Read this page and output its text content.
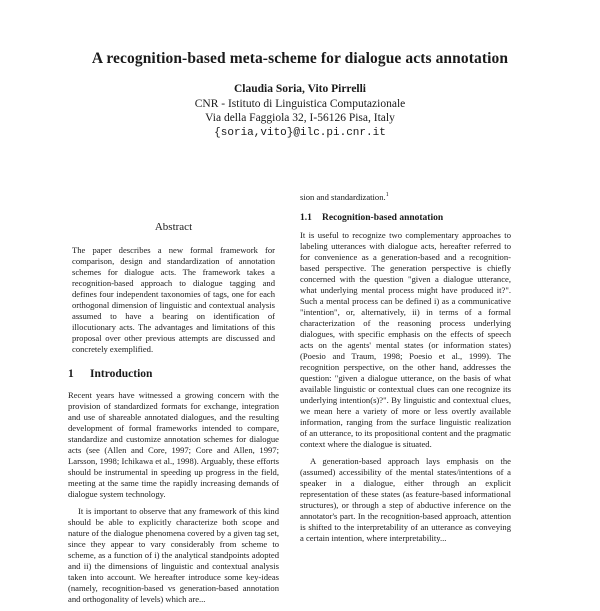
A recognition-based meta-scheme for dialogue acts annotation
Claudia Soria, Vito Pirrelli
CNR - Istituto di Linguistica Computazionale
Via della Faggiola 32, I-56126 Pisa, Italy
{soria,vito}@ilc.pi.cnr.it
Abstract

The paper describes a new formal framework for comparison, design and standardization of annotation schemes for dialogue acts. The framework takes a recognition-based approach to dialogue tagging and defines four independent taxonomies of tags, one for each orthogonal dimension of linguistic and contextual analysis assumed to have a bearing on identification of illocutionary acts. The advantages and limitations of this proposal over other previous attempts are discussed and concretely exemplified.

1 Introduction

Recent years have witnessed a growing concern with the provision of standardized formats for exchange, integration and use of shareable annotated dialogues, and the resulting development of formal frameworks intended to compare, standardize and customize annotation schemes for dialogue acts (see (Allen and Core, 1997; Core and Allen, 1997; Larsson, 1998; Ichikawa et al., 1998). Arguably, these efforts should be instrumental in speeding up progress in the field, meeting at the same time the rapidly increasing demands of dialogue system technology.

It is important to observe that any framework of this kind should be able to explicitly characterize both scope and nature of the dialogue phenomena covered by a given tag set, since they appear to vary considerably from scheme to scheme, as a function of i) the analytical standpoints adopted and ii) the dimensions of linguistic and contextual analysis taken into account. We hereafter introduce some key-ideas (namely, recognition-based vs generation-based annotation and orthogonality of levels) which are...

sion and standardization.$^1$
1.1 Recognition-based annotation

It is useful to recognize two complementary approaches to labeling utterances with dialogue acts, hereafter referred to for convenience as a generation-based and a recognition-based perspective. The generation perspective is chiefly concerned with the question "given a dialogue utterance, what underlying mental process might have produced it?". Such a mental process can be defined i) as a communicative "intention", or, alternatively, ii) in terms of a formal characterization of the reasoning process underlying dialogues, with specific emphasis on the effects of speech acts on the agents' mental states (or information states) (Poesio and Traum, 1998; Poesio et al., 1999). The recognition perspective, on the other hand, addresses the question: "given a dialogue utterance, on the basis of what available linguistic or contextual clues can one recognize its underlying intention(s)?". By linguistic and contextual clues, we mean here a variety of more or less overtly available information, ranging from the surface linguistic realization of an utterance, to its propositional content and the pragmatic context where the dialogue is situated.

A generation-based approach lays emphasis on the (assumed) accessibility of the mental states/intentions of a speaker in a dialogue, either through an explicit representation of these states (as feature-based informational structures), or through a step of abductive inference on the annotator's part. In the recognition-based approach, attention is shifted to the interpretability of an utterance as conveying a certain intention, where interpretability...
